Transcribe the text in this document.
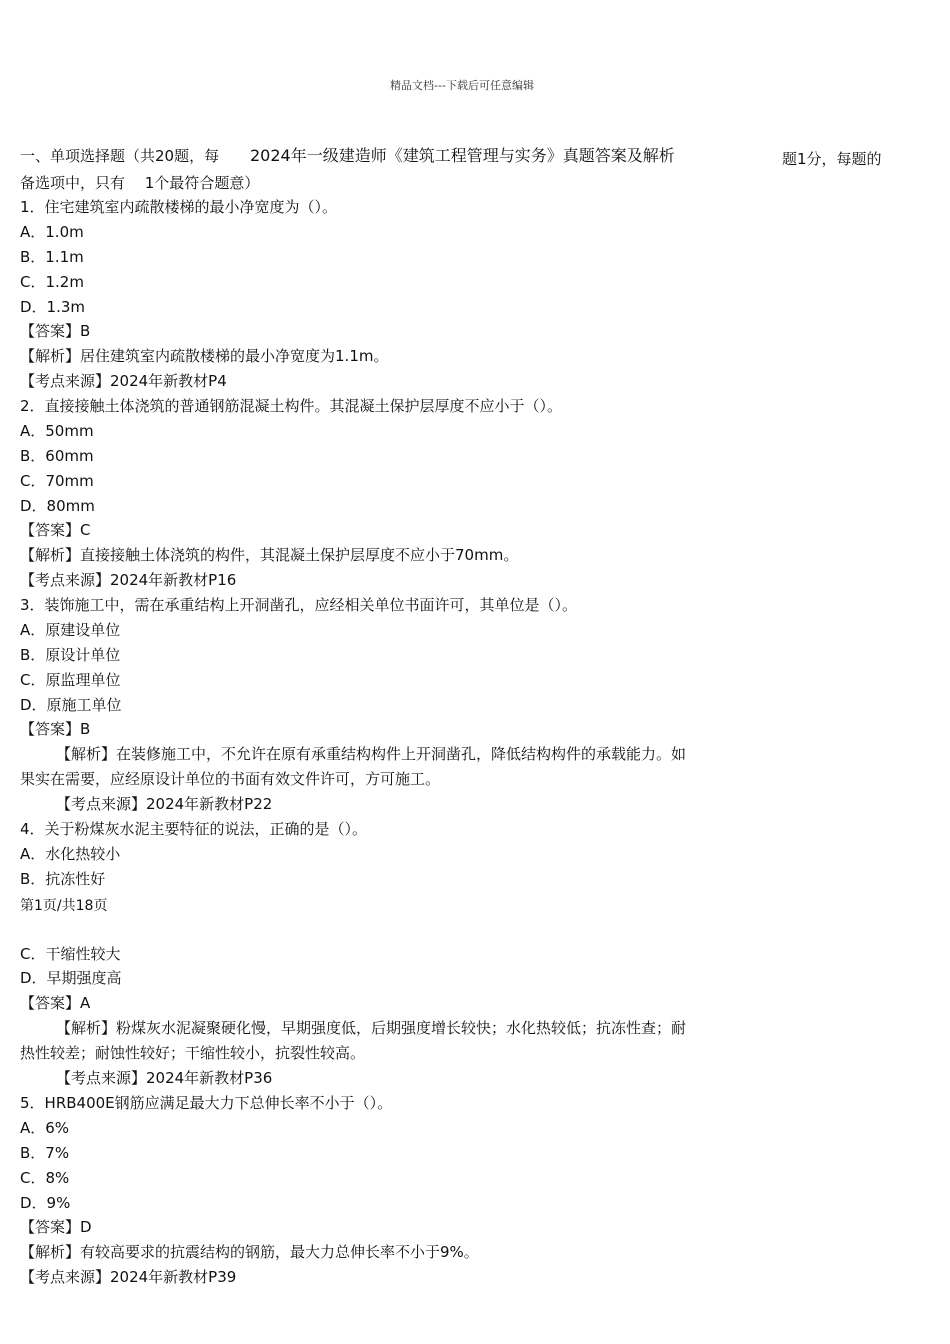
精品文档---下载后可任意编辑
一、单项选择题（共20题，每 2024年一级建造师《建筑工程管理与实务》真题答案及解析	题1分，每题的
备选项中，只有　 1个最符合题意）
1．住宅建筑室内疏散楼梯的最小净宽度为（）。
A．1.0m
B．1.1m
C．1.2m
D．1.3m
【答案】B
【解析】居住建筑室内疏散楼梯的最小净宽度为1.1m。
【考点来源】2024年新教材P4
2．直接接触土体浇筑的普通钢筋混凝土构件。其混凝土保护层厚度不应小于（）。
A．50mm
B．60mm
C．70mm
D．80mm
【答案】C
【解析】直接接触土体浇筑的构件，其混凝土保护层厚度不应小于70mm。
【考点来源】2024年新教材P16
3．装饰施工中，需在承重结构上开洞凿孔，应经相关单位书面许可，其单位是（）。
A．原建设单位
B．原设计单位
C．原监理单位
D．原施工单位
【答案】B
【解析】在装修施工中，不允许在原有承重结构构件上开洞凿孔，降低结构构件的承载能力。如
果实在需要，应经原设计单位的书面有效文件许可，方可施工。
【考点来源】2024年新教材P22
4．关于粉煤灰水泥主要特征的说法，正确的是（）。
A．水化热较小
B．抗冻性好
第1页/共18页
C．干缩性较大
D．早期强度高
【答案】A
【解析】粉煤灰水泥凝聚硬化慢，早期强度低，后期强度增长较快；水化热较低；抗冻性查；耐
热性较差；耐蚀性较好；干缩性较小，抗裂性较高。
【考点来源】2024年新教材P36
5．HRB400E钢筋应满足最大力下总伸长率不小于（）。
A．6%
B．7%
C．8%
D．9%
【答案】D
【解析】有较高要求的抗震结构的钢筋，最大力总伸长率不小于9%。
【考点来源】2024年新教材P39
